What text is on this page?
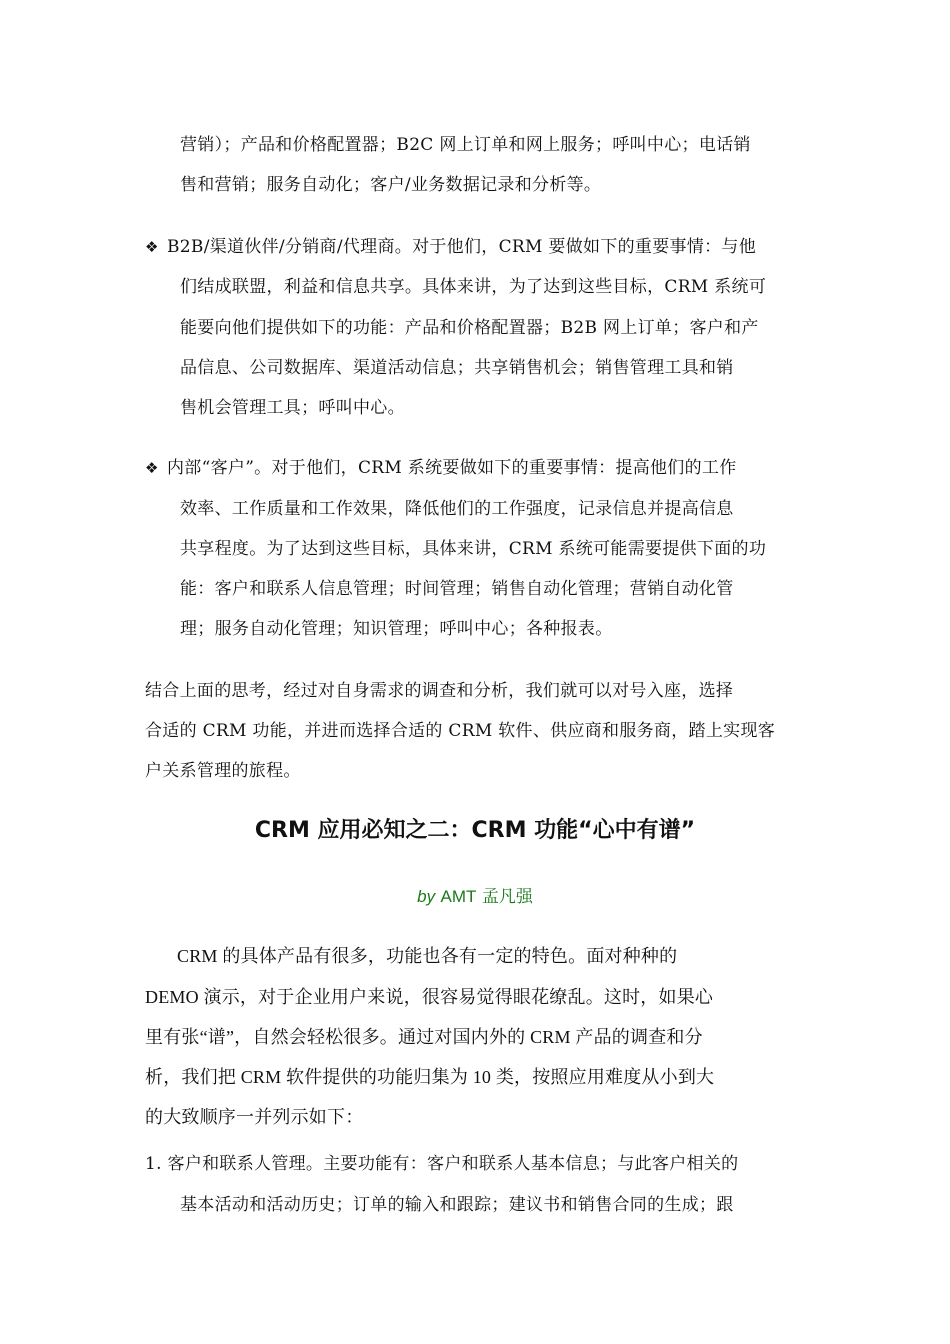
营销）；产品和价格配置器；B2C 网上订单和网上服务；呼叫中心；电话销
售和营销；服务自动化；客户/业务数据记录和分析等。
❖ B2B/渠道伙伴/分销商/代理商。对于他们，CRM 要做如下的重要事情：与他
们结成联盟，利益和信息共享。具体来讲，为了达到这些目标，CRM 系统可
能要向他们提供如下的功能：产品和价格配置器；B2B 网上订单；客户和产
品信息、公司数据库、渠道活动信息；共享销售机会；销售管理工具和销
售机会管理工具；呼叫中心。
❖ 内部“客户”。对于他们，CRM 系统要做如下的重要事情：提高他们的工作
效率、工作质量和工作效果，降低他们的工作强度，记录信息并提高信息
共享程度。为了达到这些目标，具体来讲，CRM 系统可能需要提供下面的功
能：客户和联系人信息管理；时间管理；销售自动化管理；营销自动化管
理；服务自动化管理；知识管理；呼叫中心；各种报表。
结合上面的思考，经过对自身需求的调查和分析，我们就可以对号入座，选择
合适的 CRM 功能，并进而选择合适的 CRM 软件、供应商和服务商，踏上实现客
户关系管理的旅程。
CRM 应用必知之二：CRM 功能“心中有谱”
by AMT 孟凡强
CRM 的具体产品有很多，功能也各有一定的特色。面对种种的
DEMO 演示，对于企业用户来说，很容易觉得眼花缭乱。这时，如果心
里有张“谱”，自然会轻松很多。通过对国内外的 CRM 产品的调查和分
析，我们把 CRM 软件提供的功能归集为 10 类，按照应用难度从小到大
的大致顺序一并列示如下：
1. 客户和联系人管理。主要功能有：客户和联系人基本信息；与此客户相关的
基本活动和活动历史；订单的输入和跟踪；建议书和销售合同的生成；跟
